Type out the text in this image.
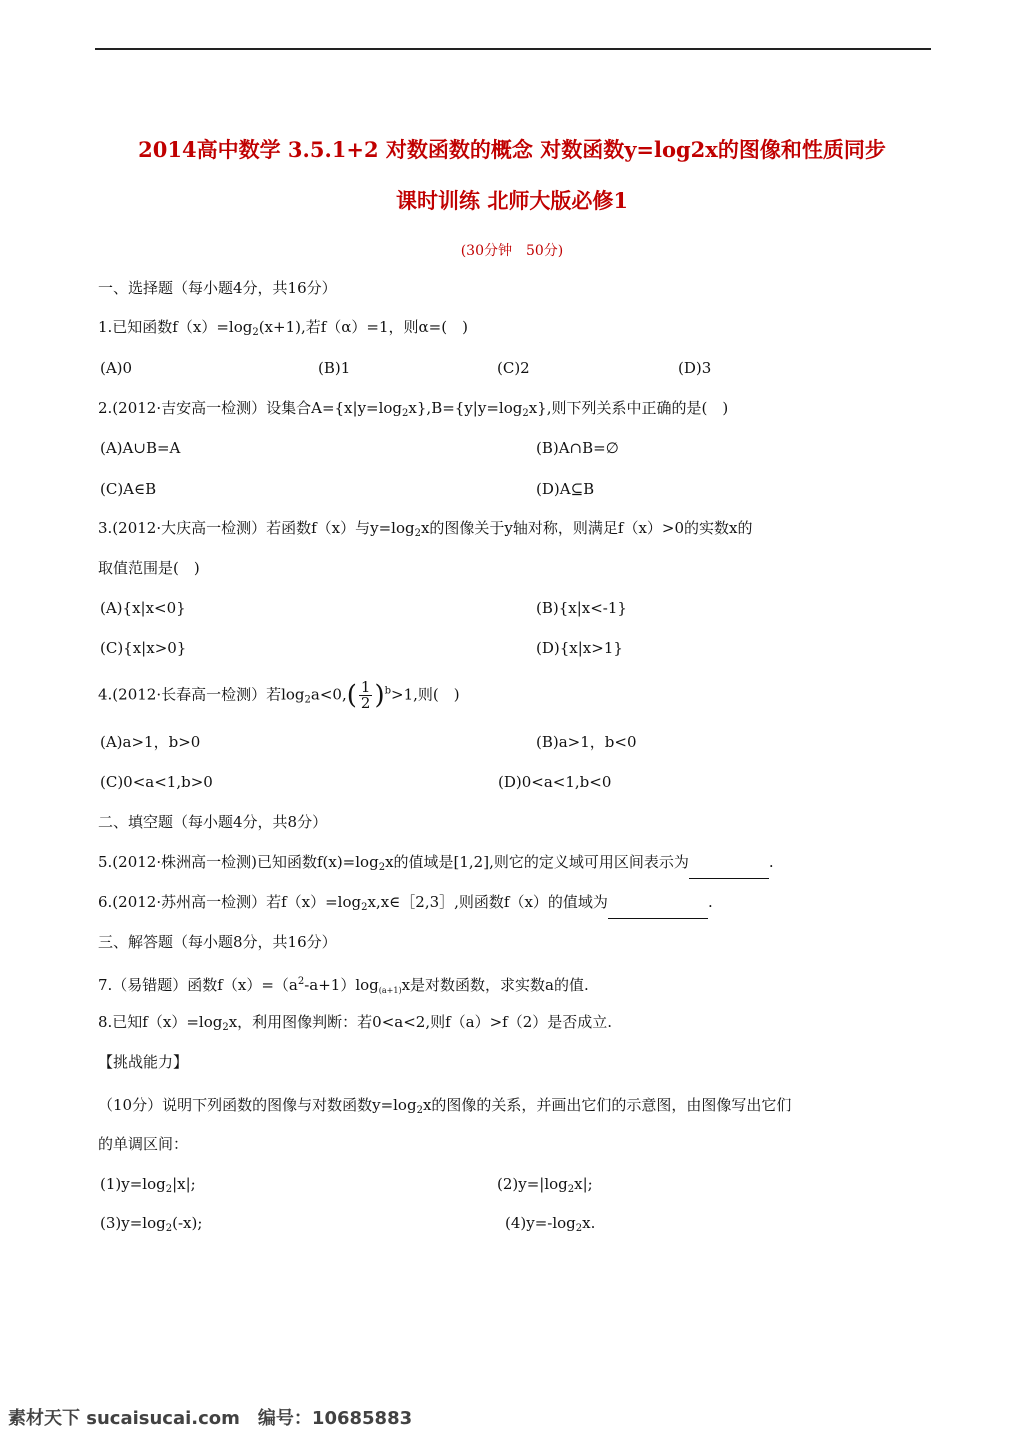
2014高中数学 3.5.1+2 对数函数的概念 对数函数y=log2x的图像和性质同步
课时训练 北师大版必修1
(30分钟　50分)
一、选择题（每小题4分，共16分）
1.已知函数$f(x)=\log_2(x+1)$,若f（α）=1，则α=(　)
(A)0	(B)1	(C)2	(D)3
2.(2012·吉安高一检测）设集合$A=\{x|y=\log_2x\},B=\{y|y=\log_2x\}$,则下列关系中正确的是(　)
(A)A∪B=A	(B)A∩B=∅
(C)A∈B	(D)A⊆B
3.(2012·大庆高一检测）若函数f（x）与$y=\log_2x$的图像关于y轴对称，则满足f（x）>0的实数x的
取值范围是(　)
(A){x|x<0}	(B){x|x<-1}
(C){x|x>0}	(D){x|x>1}
4.(2012·长春高一检测）若$\log_2a<0,( \frac{1}{2} )^b>1$,则(　)
(A)a>1，b>0	(B)a>1，b<0
(C)0<a<1,b>0	(D)0<a<1,b<0
二、填空题（每小题4分，共8分）
5.(2012·株洲高一检测)已知函数$f(x)=\log_2x$的值域是[1,2],则它的定义域可用区间表示为	.
6.(2012·苏州高一检测）若$f(x)=\log_2x,x\in[2,3]$,则函数f（x）的值域为	.
三、解答题（每小题8分，共16分）
7.（易错题）函数$f(x)=(a^2-a+1)\log_{(a+1)}x$是对数函数，求实数a的值.
8.已知$f(x)=\log_2x$，利用图像判断：若0<a<2,则f（a）>f（2）是否成立.
【挑战能力】
（10分）说明下列函数的图像与对数函数$y=\log_2x$的图像的关系，并画出它们的示意图，由图像写出它们
的单调区间：
$(1)y=\log_2|x|$;	$(2)y=|\log_2x|$;
$(3)y=\log_2(-x)$;	$(4)y=-\log_2x$.
素材天下 sucaisucai.com　编号：10685883
